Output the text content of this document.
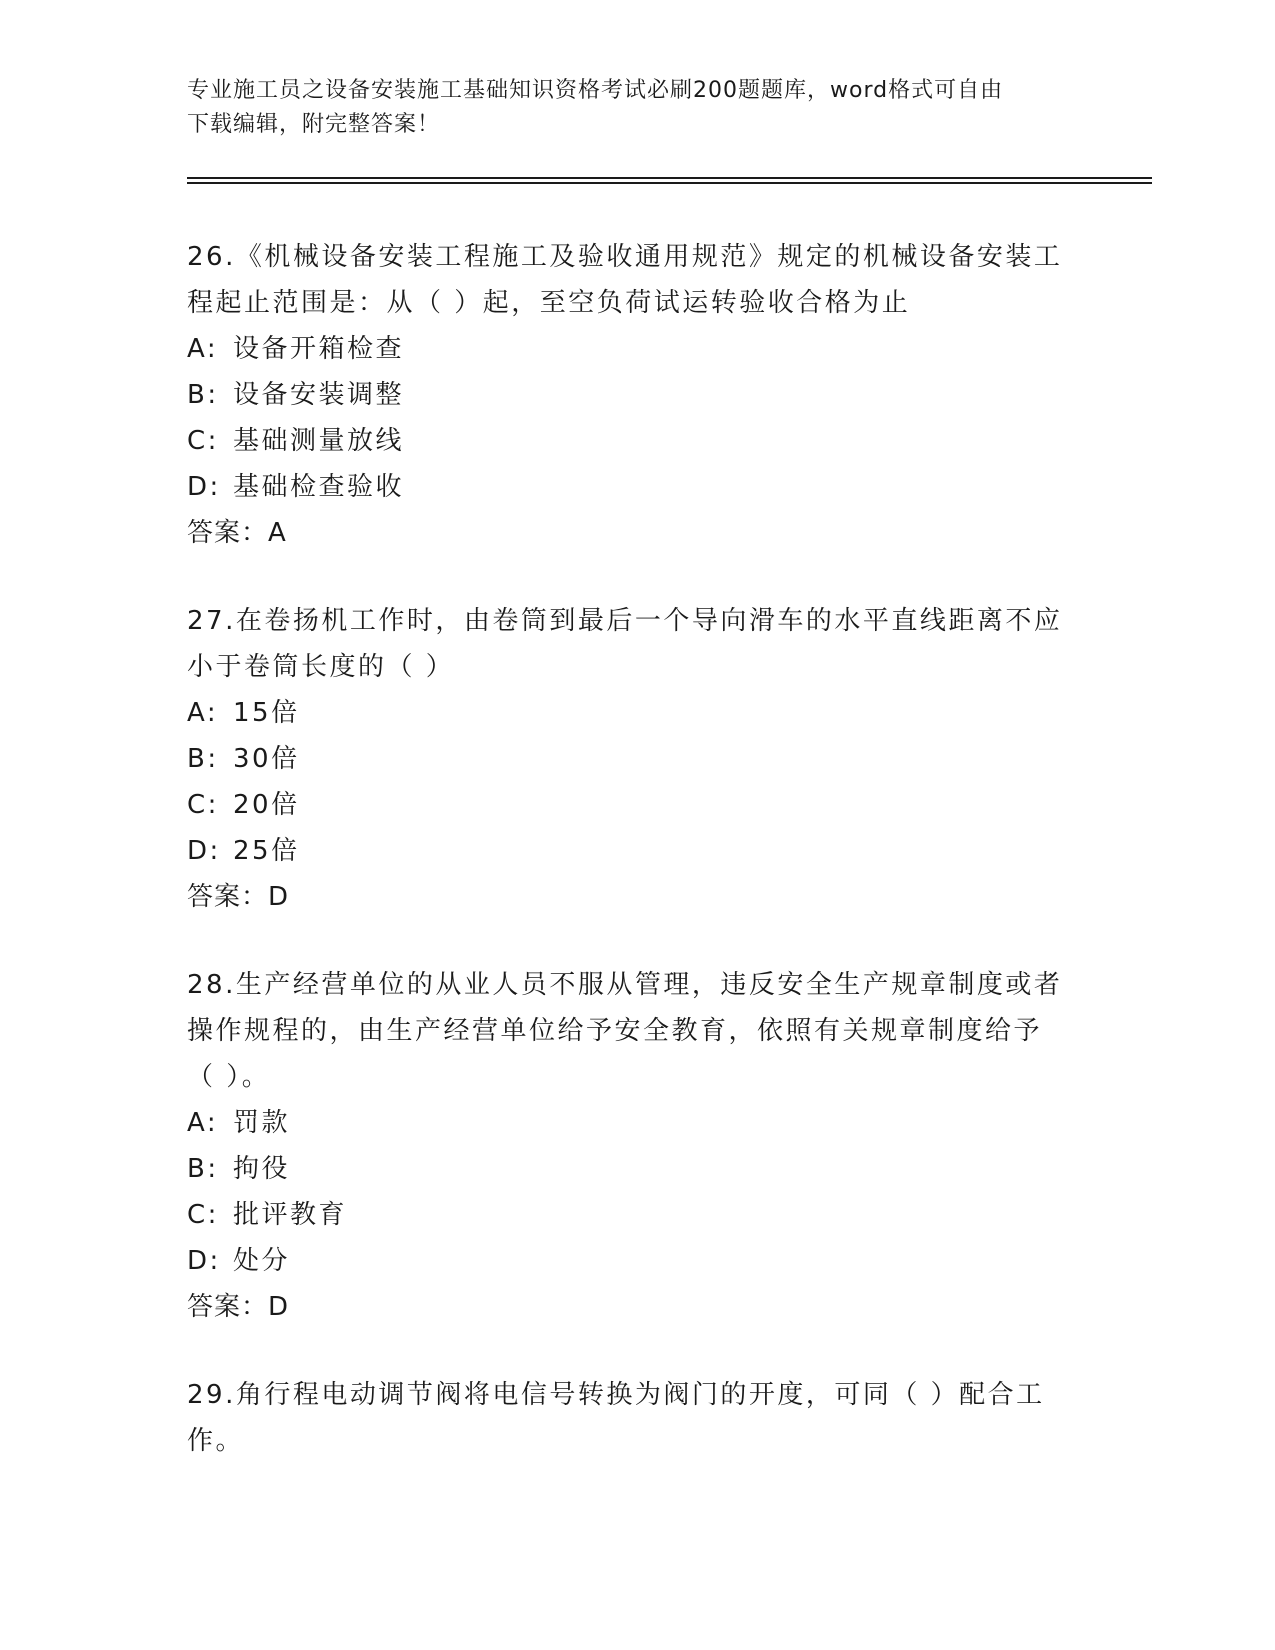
专业施工员之设备安装施工基础知识资格考试必刷200题题库，word格式可自由
下载编辑，附完整答案！
26.《机械设备安装工程施工及验收通用规范》规定的机械设备安装工
程起止范围是：从（ ）起，至空负荷试运转验收合格为止
A: 设备开箱检查
B: 设备安装调整
C: 基础测量放线
D: 基础检查验收
答案：A
27.在卷扬机工作时，由卷筒到最后一个导向滑车的水平直线距离不应
小于卷筒长度的（ ）
A: 15倍
B: 30倍
C: 20倍
D: 25倍
答案：D
28.生产经营单位的从业人员不服从管理，违反安全生产规章制度或者
操作规程的，由生产经营单位给予安全教育，依照有关规章制度给予
（ ）。
A: 罚款
B: 拘役
C: 批评教育
D: 处分
答案：D
29.角行程电动调节阀将电信号转换为阀门的开度，可同（ ）配合工
作。
